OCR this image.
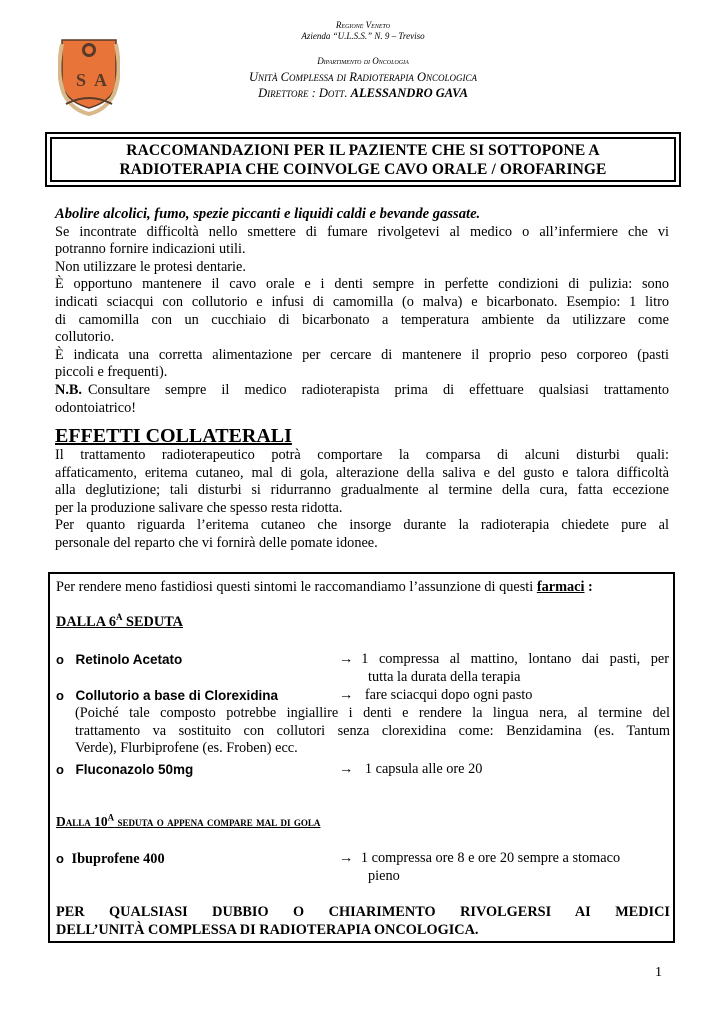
Regione Veneto
Azienda “U.L.S.S.” N. 9 – Treviso
Dipartimento di Oncologia
Unità Complessa di Radioterapia Oncologica
Direttore : Dott. ALESSANDRO GAVA
S A
RACCOMANDAZIONI PER IL PAZIENTE CHE SI SOTTOPONE A
RADIOTERAPIA CHE COINVOLGE CAVO ORALE / OROFARINGE
Abolire alcolici, fumo, spezie piccanti e liquidi caldi e bevande gassate.
Se incontrate difficoltà nello smettere di fumare rivolgetevi al medico o all’infermiere che vi
potranno fornire indicazioni utili.
Non utilizzare le protesi dentarie.
È opportuno mantenere il cavo orale e i denti sempre in perfette condizioni di pulizia: sono
indicati sciacqui con collutorio e infusi di camomilla (o malva) e bicarbonato. Esempio: 1 litro
di camomilla con un cucchiaio di bicarbonato a temperatura ambiente da utilizzare come
collutorio.
È indicata una corretta alimentazione per cercare di mantenere il proprio peso corporeo (pasti
piccoli e frequenti).
N.B. Consultare sempre il medico radioterapista prima di effettuare qualsiasi trattamento
odontoiatrico!
EFFETTI COLLATERALI
Il trattamento radioterapeutico potrà comportare la comparsa di alcuni disturbi quali:
affaticamento, eritema cutaneo, mal di gola, alterazione della saliva e del gusto e talora difficoltà
alla deglutizione; tali disturbi si ridurranno gradualmente al termine della cura, fatta eccezione
per la produzione salivare che spesso resta ridotta.
Per quanto riguarda l’eritema cutaneo che insorge durante la radioterapia chiedete pure al
personale del reparto che vi fornirà delle pomate idonee.
Per rendere meno fastidiosi questi sintomi le raccomandiamo l’assunzione di questi farmaci :
DALLA $6^A$ SEDUTA
o Retinolo Acetato	→ 1 compressa al mattino, lontano dai pasti, per
tutta la durata della terapia
o Collutorio a base di Clorexidina	→ fare sciacqui dopo ogni pasto
(Poiché tale composto potrebbe ingiallire i denti e rendere la lingua nera, al termine del
trattamento va sostituito con collutori senza clorexidina come: Benzidamina (es. Tantum
Verde), Flurbiprofene (es. Froben) ecc.
o Fluconazolo 50mg	→ 1 capsula alle ore 20
Dalla $10^A$ seduta o appena compare mal di gola
o Ibuprofene 400	→ 1 compressa ore 8 e ore 20 sempre a stomaco
pieno
PER QUALSIASI DUBBIO O CHIARIMENTO RIVOLGERSI AI MEDICI
DELL’UNITÀ COMPLESSA DI RADIOTERAPIA ONCOLOGICA.
1
